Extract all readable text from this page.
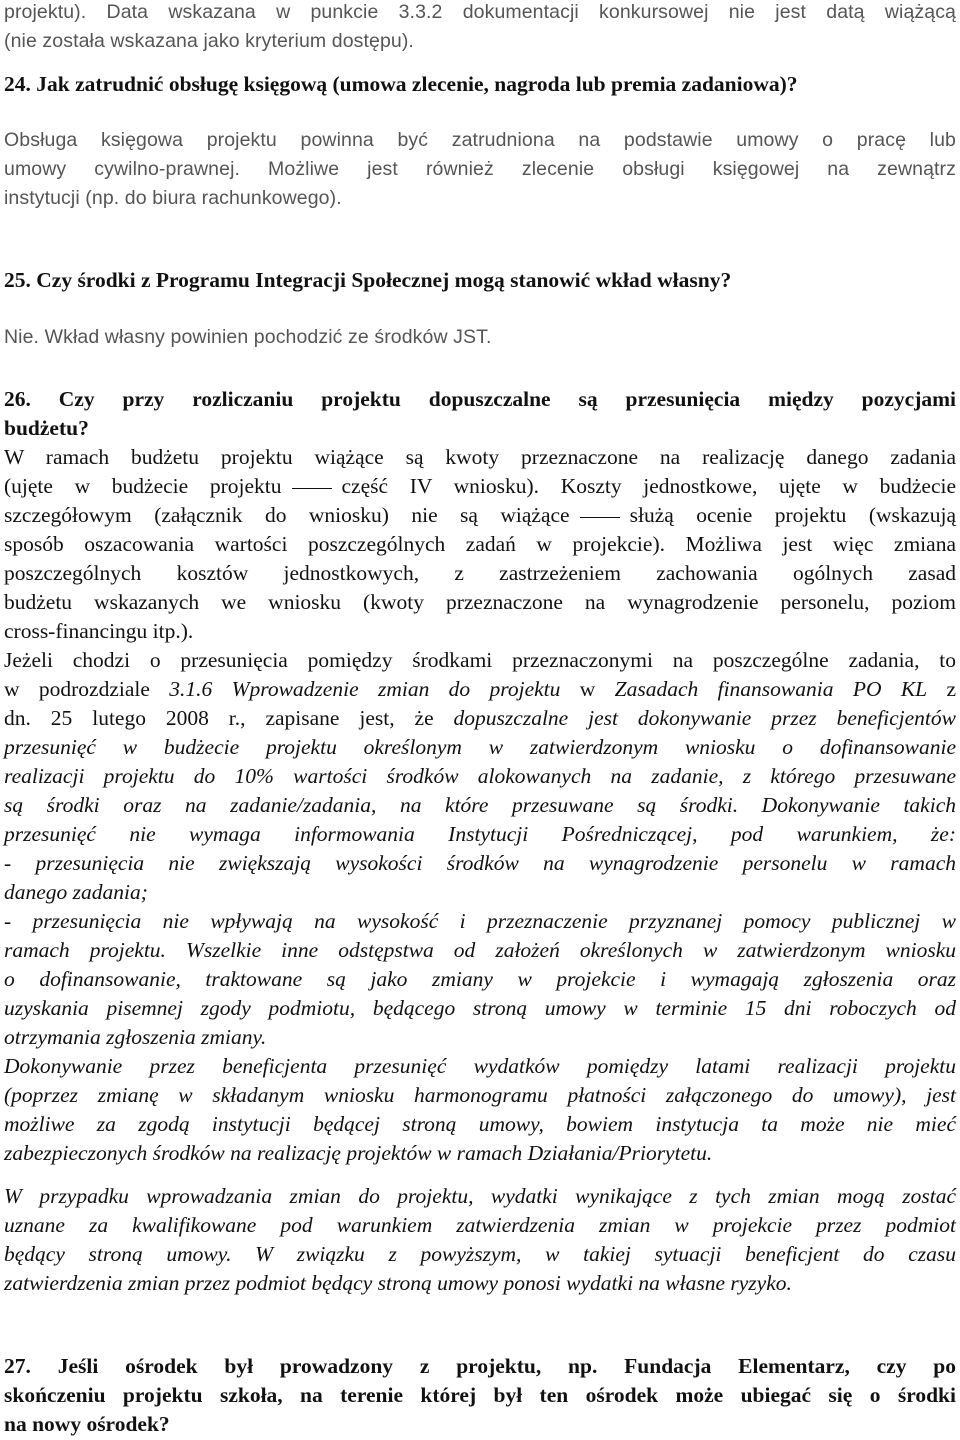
projektu). Data wskazana w punkcie 3.3.2 dokumentacji konkursowej nie jest datą wiążącą
(nie została wskazana jako kryterium dostępu).
24. Jak zatrudnić obsługę księgową (umowa zlecenie, nagroda lub premia zadaniowa)?
Obsługa księgowa projektu powinna być zatrudniona na podstawie umowy o pracę lub
umowy cywilno-prawnej. Możliwe jest również zlecenie obsługi księgowej na zewnątrz
instytucji (np. do biura rachunkowego).
25. Czy środki z Programu Integracji Społecznej mogą stanowić wkład własny?
Nie. Wkład własny powinien pochodzić ze środków JST.
26. Czy przy rozliczaniu projektu dopuszczalne są przesunięcia między pozycjami
budżetu?
W ramach budżetu projektu wiążące są kwoty przeznaczone na realizację danego zadania
(ujęte w budżecie projektu	część IV wniosku). Koszty jednostkowe, ujęte w budżecie
szczegółowym (załącznik do wniosku) nie są wiążące	służą ocenie projektu (wskazują
sposób oszacowania wartości poszczególnych zadań w projekcie). Możliwa jest więc zmiana
poszczególnych kosztów jednostkowych, z zastrzeżeniem zachowania ogólnych zasad
budżetu wskazanych we wniosku (kwoty przeznaczone na wynagrodzenie personelu, poziom
cross-financingu itp.).
Jeżeli chodzi o przesunięcia pomiędzy środkami przeznaczonymi na poszczególne zadania, to
w podrozdziale 3.1.6 Wprowadzenie zmian do projektu w Zasadach finansowania PO KL z
dn. 25 lutego 2008 r., zapisane jest, że dopuszczalne jest dokonywanie przez beneficjentów
przesunięć w budżecie projektu określonym w zatwierdzonym wniosku o dofinansowanie
realizacji projektu do 10% wartości środków alokowanych na zadanie, z którego przesuwane
są środki oraz na zadanie/zadania, na które przesuwane są środki. Dokonywanie takich
przesunięć nie wymaga informowania Instytucji Pośredniczącej, pod warunkiem, że:
- przesunięcia nie zwiększają wysokości środków na wynagrodzenie personelu w ramach
danego zadania;
- przesunięcia nie wpływają na wysokość i przeznaczenie przyznanej pomocy publicznej w
ramach projektu. Wszelkie inne odstępstwa od założeń określonych w zatwierdzonym wniosku
o dofinansowanie, traktowane są jako zmiany w projekcie i wymagają zgłoszenia oraz
uzyskania pisemnej zgody podmiotu, będącego stroną umowy w terminie 15 dni roboczych od
otrzymania zgłoszenia zmiany.
Dokonywanie przez beneficjenta przesunięć wydatków pomiędzy latami realizacji projektu
(poprzez zmianę w składanym wniosku harmonogramu płatności załączonego do umowy), jest
możliwe za zgodą instytucji będącej stroną umowy, bowiem instytucja ta może nie mieć
zabezpieczonych środków na realizację projektów w ramach Działania/Priorytetu.
W przypadku wprowadzania zmian do projektu, wydatki wynikające z tych zmian mogą zostać
uznane za kwalifikowane pod warunkiem zatwierdzenia zmian w projekcie przez podmiot
będący stroną umowy. W związku z powyższym, w takiej sytuacji beneficjent do czasu
zatwierdzenia zmian przez podmiot będący stroną umowy ponosi wydatki na własne ryzyko.
27. Jeśli ośrodek był prowadzony z projektu, np. Fundacja Elementarz, czy po
skończeniu projektu szkoła, na terenie której był ten ośrodek może ubiegać się o środki
na nowy ośrodek?
